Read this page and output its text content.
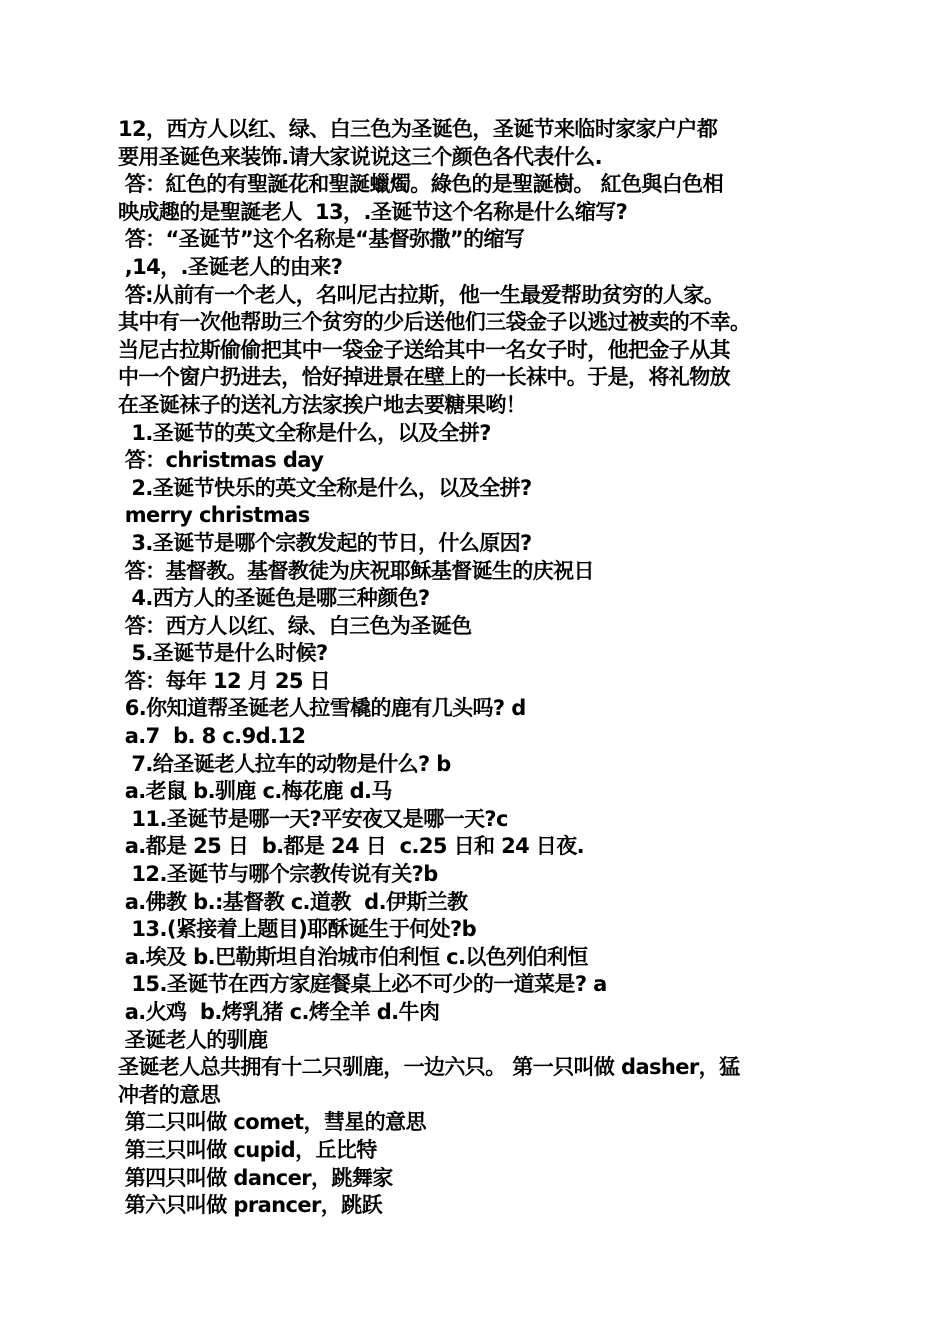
12，西方人以红、绿、白三色为圣诞色，圣诞节来临时家家户户都
要用圣诞色来装饰.请大家说说这三个颜色各代表什么.
答：紅色的有聖誕花和聖誕蠟燭。綠色的是聖誕樹。 紅色與白色相
映成趣的是聖誕老人  13，.圣诞节这个名称是什么缩写?
答：“圣诞节”这个名称是“基督弥撒”的缩写
,14，.圣诞老人的由来?
答:从前有一个老人，名叫尼古拉斯，他一生最爱帮助贫穷的人家。
其中有一次他帮助三个贫穷的少后送他们三袋金子以逃过被卖的不幸。
当尼古拉斯偷偷把其中一袋金子送给其中一名女子时，他把金子从其
中一个窗户扔进去，恰好掉进景在壁上的一长袜中。于是，将礼物放
在圣诞袜子的送礼方法家挨户地去要糖果哟！
1.圣诞节的英文全称是什么，以及全拼?
答：christmas day
2.圣诞节快乐的英文全称是什么，以及全拼?
merry christmas
3.圣诞节是哪个宗教发起的节日，什么原因?
答：基督教。基督教徒为庆祝耶稣基督诞生的庆祝日
4.西方人的圣诞色是哪三种颜色?
答：西方人以红、绿、白三色为圣诞色
5.圣诞节是什么时候?
答：每年 12 月 25 日
6.你知道帮圣诞老人拉雪橇的鹿有几头吗? d
a.7  b. 8 c.9d.12
7.给圣诞老人拉车的动物是什么? b
a.老鼠 b.驯鹿 c.梅花鹿 d.马
11.圣诞节是哪一天?平安夜又是哪一天?c
a.都是 25 日  b.都是 24 日  c.25 日和 24 日夜.
12.圣诞节与哪个宗教传说有关?b
a.佛教 b.:基督教 c.道教  d.伊斯兰教
13.(紧接着上题目)耶酥诞生于何处?b
a.埃及 b.巴勒斯坦自治城市伯利恒 c.以色列伯利恒
15.圣诞节在西方家庭餐桌上必不可少的一道菜是? a
a.火鸡  b.烤乳猪 c.烤全羊 d.牛肉
圣诞老人的驯鹿
圣诞老人总共拥有十二只驯鹿，一边六只。 第一只叫做 dasher，猛
冲者的意思
第二只叫做 comet，彗星的意思
第三只叫做 cupid，丘比特
第四只叫做 dancer，跳舞家
第六只叫做 prancer，跳跃
